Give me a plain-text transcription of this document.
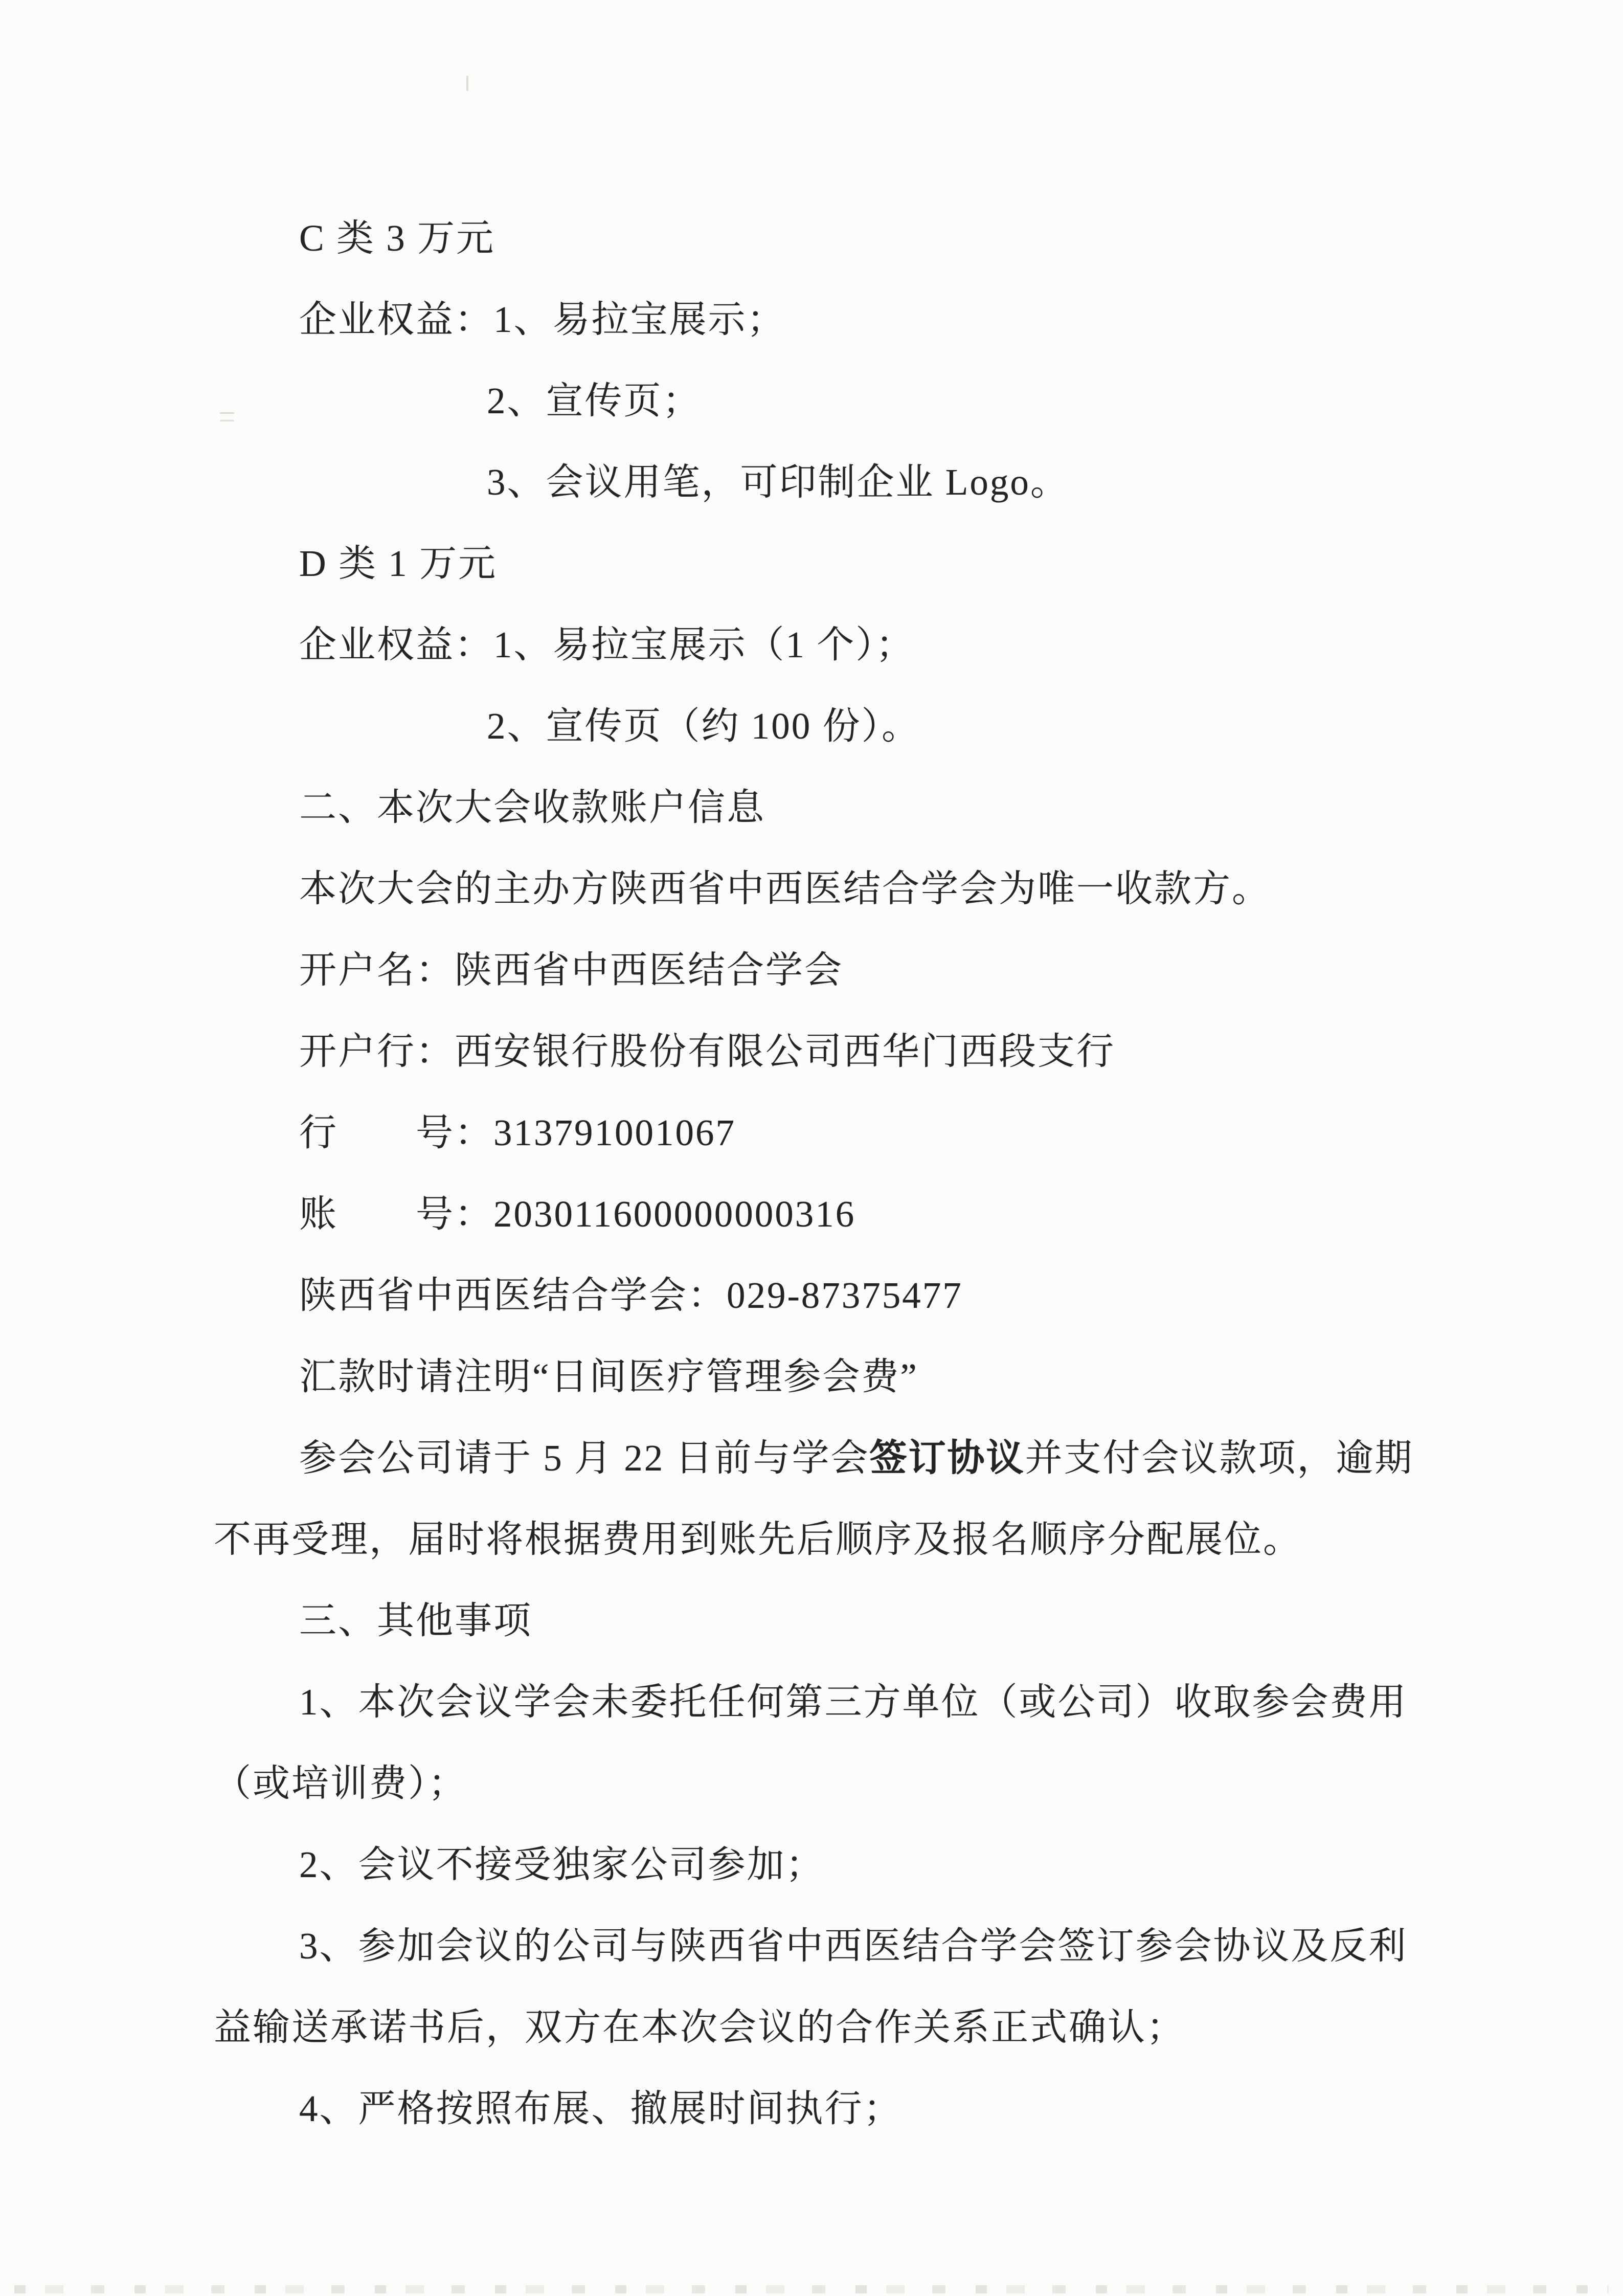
C 类 3 万元
企业权益：1、易拉宝展示；
2、宣传页；
3、会议用笔，可印制企业 Logo。
D 类 1 万元
企业权益：1、易拉宝展示（1 个）；
2、宣传页（约 100 份）。
二、本次大会收款账户信息
本次大会的主办方陕西省中西医结合学会为唯一收款方。
开户名：陕西省中西医结合学会
开户行：西安银行股份有限公司西华门西段支行
行　　号：313791001067
账　　号：203011600000000316
陕西省中西医结合学会：029-87375477
汇款时请注明“日间医疗管理参会费”
参会公司请于 5 月 22 日前与学会签订协议并支付会议款项，逾期
不再受理，届时将根据费用到账先后顺序及报名顺序分配展位。
三、其他事项
1、本次会议学会未委托任何第三方单位（或公司）收取参会费用
（或培训费）；
2、会议不接受独家公司参加；
3、参加会议的公司与陕西省中西医结合学会签订参会协议及反利
益输送承诺书后，双方在本次会议的合作关系正式确认；
4、严格按照布展、撤展时间执行；
